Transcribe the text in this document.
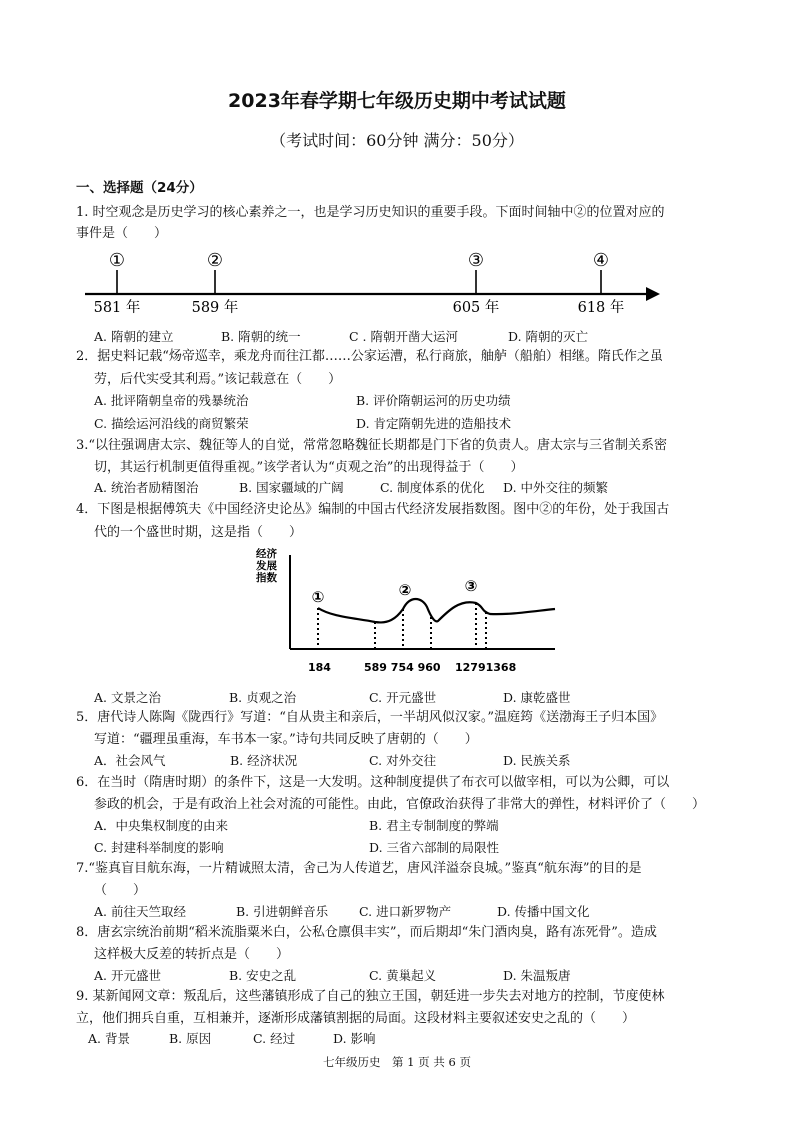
2023年春学期七年级历史期中考试试题
（考试时间：60分钟 满分：50分）
一、选择题（24分）
1. 时空观念是历史学习的核心素养之一，也是学习历史知识的重要手段。下面时间轴中②的位置对应的
事件是（　　）
①	②	③	④
581 年	589 年	605 年	618 年
A. 隋朝的建立	B. 隋朝的统一	C . 隋朝开凿大运河	D. 隋朝的灭亡
2．据史料记载“炀帝巡幸，乘龙舟而往江都……公家运漕，私行商旅，舳舻（船舶）相继。隋氏作之虽
劳，后代实受其利焉。”该记载意在（　　）
A. 批评隋朝皇帝的残暴统治	B. 评价隋朝运河的历史功绩
C. 描绘运河沿线的商贸繁荣	D. 肯定隋朝先进的造船技术
3.“以往强调唐太宗、魏征等人的自觉，常常忽略魏征长期都是门下省的负责人。唐太宗与三省制关系密
切，其运行机制更值得重视。”该学者认为“贞观之治”的出现得益于（　　）
A. 统治者励精图治	B. 国家疆域的广阔	C. 制度体系的优化 D. 中外交往的频繁
4．下图是根据傅筑夫《中国经济史论丛》编制的中国古代经济发展指数图。图中②的年份，处于我国古
代的一个盛世时期，这是指（　　）
经济
发展
指数
①	②	③
184	589 754 960 12791368
A. 文景之治	B. 贞观之治	C. 开元盛世	D. 康乾盛世
5．唐代诗人陈陶《陇西行》写道：“自从贵主和亲后，一半胡风似汉家。”温庭筠《送渤海王子归本国》
写道：“疆理虽重海，车书本一家。”诗句共同反映了唐朝的（　　）
A．社会风气	B. 经济状况	C. 对外交往	D. 民族关系
6．在当时（隋唐时期）的条件下，这是一大发明。这种制度提供了布衣可以做宰相，可以为公卿，可以
参政的机会，于是有政治上社会对流的可能性。由此，官僚政治获得了非常大的弹性，材料评价了（　　）
A．中央集权制度的由来	B. 君主专制制度的弊端
C. 封建科举制度的影响	D. 三省六部制的局限性
7.“鉴真盲目航东海，一片精诚照太清，舍己为人传道艺，唐风洋溢奈良城。”鉴真“航东海”的目的是
（　　）
A. 前往天竺取经	B. 引进朝鲜音乐 C. 进口新罗物产	D. 传播中国文化
8．唐玄宗统治前期“稻米流脂粟米白，公私仓廪俱丰实”，而后期却“朱门酒肉臭，路有冻死骨”。造成
这样极大反差的转折点是（　　）
A. 开元盛世	B. 安史之乱	C. 黄巢起义	D. 朱温叛唐
9. 某新闻网文章：叛乱后，这些藩镇形成了自己的独立王国，朝廷进一步失去对地方的控制，节度使林
立，他们拥兵自重，互相兼并，逐渐形成藩镇割据的局面。这段材料主要叙述安史之乱的（　　）
A. 背景	B. 原因	C. 经过	D. 影响
七年级历史　第 1 页 共 6 页
